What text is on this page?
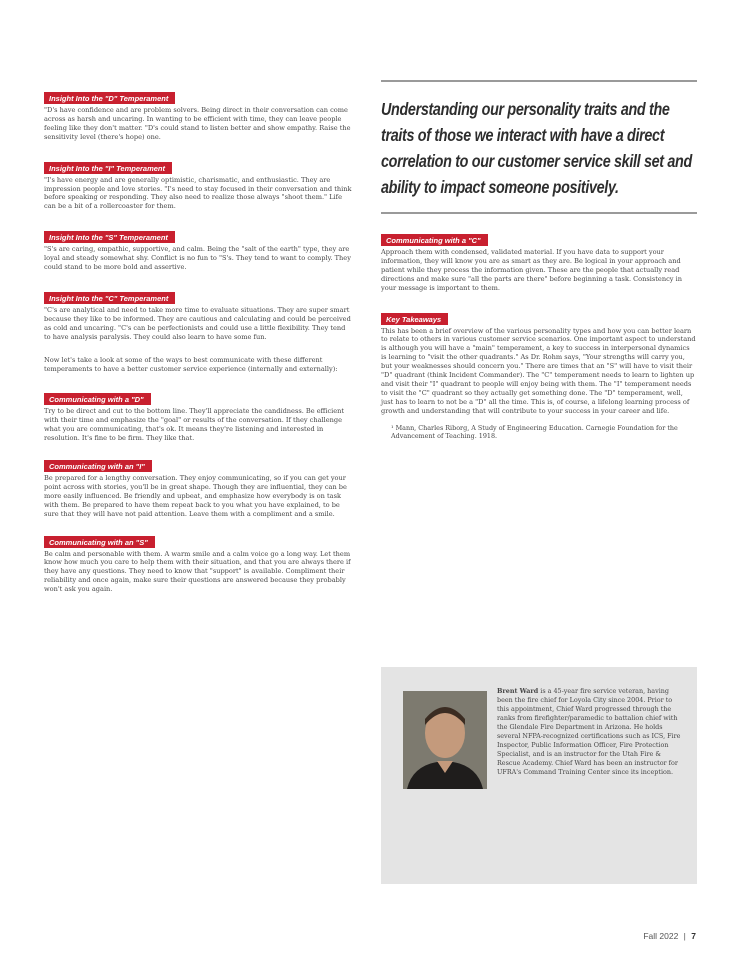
Insight Into the "D" Temperament

"D's have confidence and are problem solvers. Being direct in their conversation can come across as harsh and uncaring. In wanting to be efficient with time, they can leave people feeling like they don't matter. "D's could stand to listen better and show empathy. Raise the sensitivity level (there's hope) one.

Insight Into the "I" Temperament

"I's have energy and are generally optimistic, charismatic, and enthusiastic. They are impression people and love stories. "I's need to stay focused in their conversation and think before speaking or responding. They also need to realize those always "shoot them." Life can be a bit of a rollercoaster for them.

Insight Into the "S" Temperament

"S's are caring, empathic, supportive, and calm. Being the "salt of the earth" type, they are loyal and steady somewhat shy. Conflict is no fun to "S's. They tend to want to comply. They could stand to be more bold and assertive.

Insight Into the "C" Temperament

"C's are analytical and need to take more time to evaluate situations. They are super smart because they like to be informed. They are cautious and calculating and could be perceived as cold and uncaring. "C's can be perfectionists and could use a little flexibility. They tend to have analysis paralysis. They could also learn to have some fun.

Now let's take a look at some of the ways to best communicate with these different temperaments to have a better customer service experience (internally and externally):

Communicating with a "D"

Try to be direct and cut to the bottom line. They'll appreciate the candidness. Be efficient with their time and emphasize the "goal" or results of the conversation. If they challenge what you are communicating, that's ok. It means they're listening and interested in resolution. It's fine to be firm. They like that.

Communicating with an "I"

Be prepared for a lengthy conversation. They enjoy communicating, so if you can get your point across with stories, you'll be in great shape. Though they are influential, they can be more easily influenced. Be friendly and upbeat, and emphasize how everybody is on task with them. Be prepared to have them repeat back to you what you have explained, to be sure that they will have not paid attention. Leave them with a compliment and a smile.

Communicating with an "S"

Be calm and personable with them. A warm smile and a calm voice go a long way. Let them know how much you care to help them with their situation, and that you are always there if they have any questions. They need to know that "support" is available. Compliment their reliability and once again, make sure their questions are answered because they probably won't ask you again.

Understanding our personality traits and the traits of those we interact with have a direct correlation to our customer service skill set and ability to impact someone positively.
Communicating with a "C"

Approach them with condensed, validated material. If you have data to support your information, they will know you are as smart as they are. Be logical in your approach and patient while they process the information given. These are the people that actually read directions and make sure "all the parts are there" before beginning a task. Consistency in your message is important to them.

Key Takeaways

This has been a brief overview of the various personality types and how you can better learn to relate to others in various customer service scenarios. One important aspect to understand is although you will have a "main" temperament, a key to success in interpersonal dynamics is learning to "visit the other quadrants." As Dr. Rohm says, "Your strengths will carry you, but your weaknesses should concern you." There are times that an "S" will have to visit their "D" quadrant (think Incident Commander). The "C" temperament needs to learn to lighten up and visit their "I" quadrant to people will enjoy being with them. The "I" temperament needs to visit the "C" quadrant so they actually get something done. The "D" temperament, well, just has to learn to not be a "D" all the time. This is, of course, a lifelong learning process of growth and understanding that will contribute to your success in your career and life.

¹ Mann, Charles Riborg, A Study of Engineering Education. Carnegie Foundation for the Advancement of Teaching. 1918.

Brent Ward is a 45-year fire service veteran, having been the fire chief for Loyola City since 2004. Prior to this appointment, Chief Ward progressed through the ranks from firefighter/paramedic to battalion chief with the Glendale Fire Department in Arizona. He holds several NFPA-recognized certifications such as ICS, Fire Inspector, Public Information Officer, Fire Protection Specialist, and is an instructor for the Utah Fire & Rescue Academy. Chief Ward has been an instructor for UFRA's Command Training Center since its inception.
Fall 2022 | 7
